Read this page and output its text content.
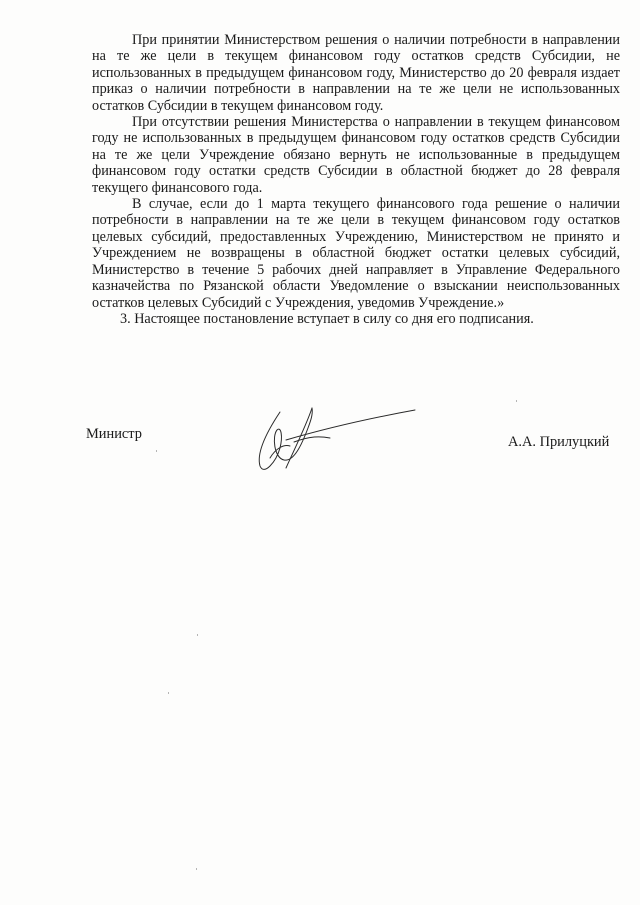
При принятии Министерством решения о наличии потребности в направлении на те же цели в текущем финансовом году остатков средств Субсидии, не использованных в предыдущем финансовом году, Министерство до 20 февраля издает приказ о наличии потребности в направлении на те же цели не использованных остатков Субсидии в текущем финансовом году.

При отсутствии решения Министерства о направлении в текущем финансовом году не использованных в предыдущем финансовом году остатков средств Субсидии на те же цели Учреждение обязано вернуть не использованные в предыдущем финансовом году остатки средств Субсидии в областной бюджет до 28 февраля текущего финансового года.

В случае, если до 1 марта текущего финансового года решение о наличии потребности в направлении на те же цели в текущем финансовом году остатков целевых субсидий, предоставленных Учреждению, Министерством не принято и Учреждением не возвращены в областной бюджет остатки целевых субсидий, Министерство в течение 5 рабочих дней направляет в Управление Федерального казначейства по Рязанской области Уведомление о взыскании неиспользованных остатков целевых Субсидий с Учреждения, уведомив Учреждение.»

3. Настоящее постановление вступает в силу со дня его подписания.

Министр	А.А. Прилуцкий
